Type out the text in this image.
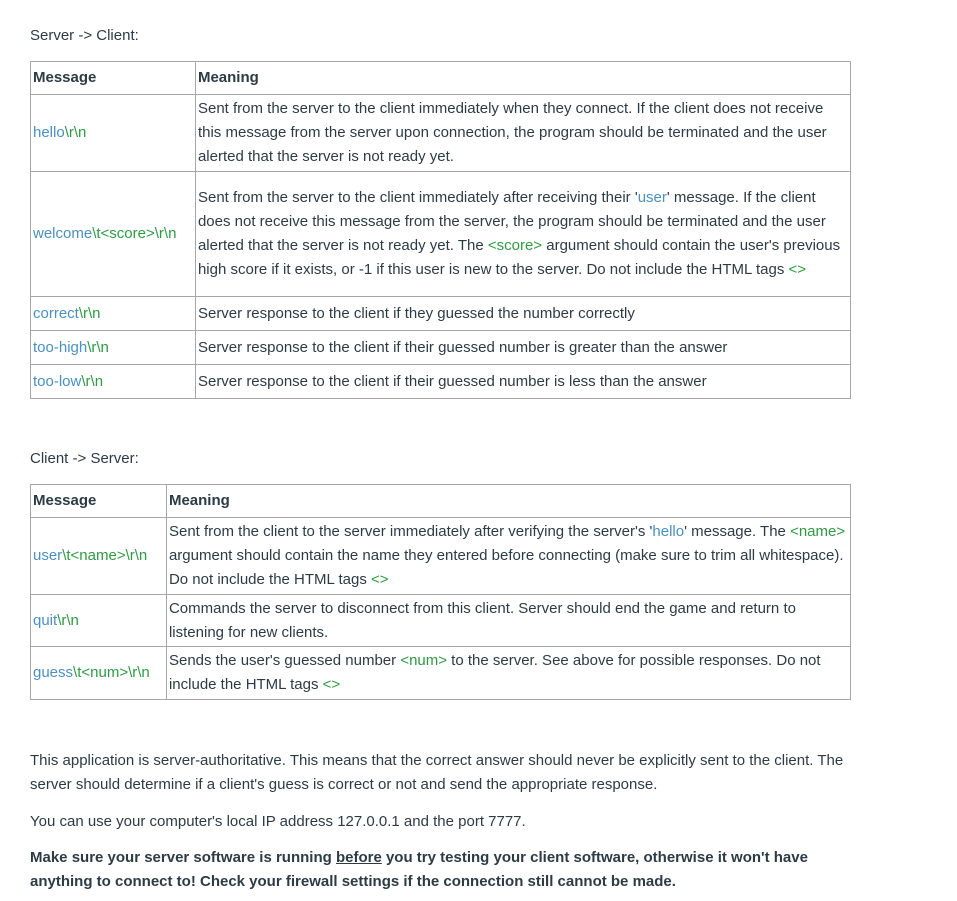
Server -> Client:
Message	Meaning
hello\r\n	Sent from the server to the client immediately when they connect. If the client does not receive this message from the server upon connection, the program should be terminated and the user alerted that the server is not ready yet.
welcome\t<score>\r\n	Sent from the server to the client immediately after receiving their 'user' message. If the client does not receive this message from the server, the program should be terminated and the user alerted that the server is not ready yet. The <score> argument should contain the user's previous high score if it exists, or -1 if this user is new to the server. Do not include the HTML tags <>
correct\r\n	Server response to the client if they guessed the number correctly
too-high\r\n	Server response to the client if their guessed number is greater than the answer
too-low\r\n	Server response to the client if their guessed number is less than the answer
Client -> Server:
Message	Meaning
user\t<name>\r\n	Sent from the client to the server immediately after verifying the server's 'hello' message. The <name> argument should contain the name they entered before connecting (make sure to trim all whitespace). Do not include the HTML tags <>
quit\r\n	Commands the server to disconnect from this client. Server should end the game and return to listening for new clients.
guess\t<num>\r\n	Sends the user's guessed number <num> to the server. See above for possible responses. Do not include the HTML tags <>
This application is server-authoritative. This means that the correct answer should never be explicitly sent to the client. The server should determine if a client's guess is correct or not and send the appropriate response.
You can use your computer's local IP address 127.0.0.1 and the port 7777.
Make sure your server software is running before you try testing your client software, otherwise it won't have anything to connect to! Check your firewall settings if the connection still cannot be made.
